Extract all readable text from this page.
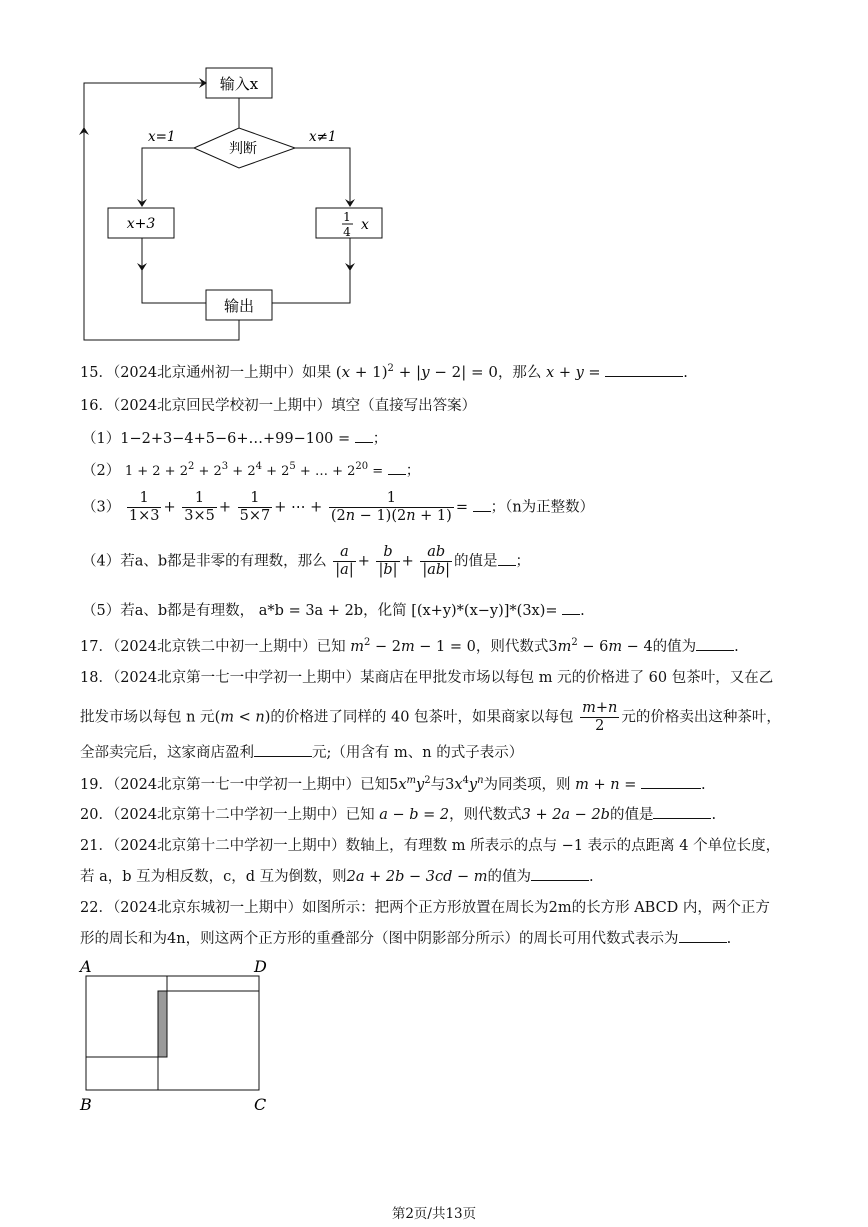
输入x
判断
x=1	x≠1
x+3	1
4 x
输出
15．（2024北京通州初一上期中）如果 $(x + 1)^2 + |y - 2| = 0$，那么 x + y =	.
16．（2024北京回民学校初一上期中）填空（直接写出答案）
（1）1−2+3−4+5−6+…+99−100 = ；
（2） $1 + 2 + 2^2 + 2^3 + 2^4 + 2^5$ + … + $2^{20}$ = ；
$(3) \frac{1}{1\times 3} + \frac{1}{3\times 5} + \frac{1}{5\times 7}$ + ⋯ + $\frac{1}{(2n - 1)(2n + 1)}$ = ；（n为正整数）
（4）若a、b都是非零的有理数，那么 $\frac{a}{|a|} + \frac{b}{|b|} + \frac{ab}{|ab|}$ 的值是 ；
（5）若a、b都是有理数， a*b = 3a + 2b，化简 [(x+y)*(x−y)]*(3x)= .
17．（2024北京铁二中初一上期中）已知 $m^2 - 2m - 1 = 0$，则代数式$3m^2 - 6m - 4$的值为	.
18．（2024北京第一七一中学初一上期中）某商店在甲批发市场以每包 m 元的价格进了 60 包茶叶，又在乙
批发市场以每包 n 元(m < n)的价格进了同样的 40 包茶叶，如果商家以每包 $\frac{m+n}{2}$ 元的价格卖出这种茶叶，
全部卖完后，这家商店盈利	元;（用含有 m、n 的式子表示）
19．（2024北京第一七一中学初一上期中）已知$5x^my^2$与$3x^4y^n$为同类项，则 m + n =	.
20．（2024北京第十二中学初一上期中）已知 a − b = 2，则代数式3 + 2a − 2b的值是	.
21．（2024北京第十二中学初一上期中）数轴上，有理数 m 所表示的点与 −1 表示的点距离 4 个单位长度，
若 a，b 互为相反数，c，d 互为倒数，则2a + 2b − 3cd − m的值为	.
22．（2024北京东城初一上期中）如图所示：把两个正方形放置在周长为2m的长方形 ABCD 内，两个正方
形的周长和为4n，则这两个正方形的重叠部分（图中阴影部分所示）的周长可用代数式表示为	.
A	D
B	C
第2页/共13页
